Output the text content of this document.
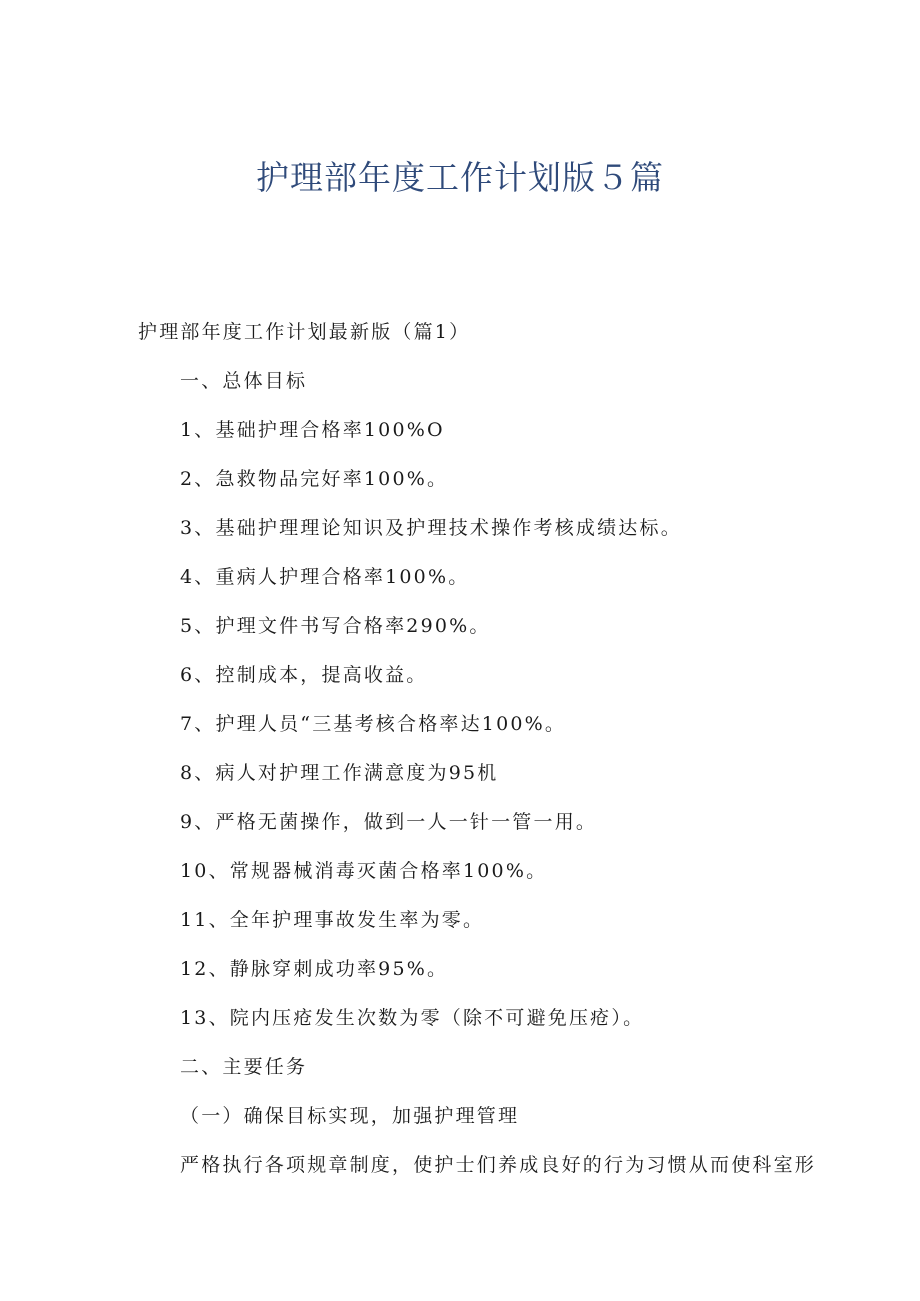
护理部年度工作计划版５篇
护理部年度工作计划最新版（篇1）
一、总体目标
1、基础护理合格率100%O
2、急救物品完好率100%。
3、基础护理理论知识及护理技术操作考核成绩达标。
4、重病人护理合格率100%。
5、护理文件书写合格率290%。
6、控制成本，提高收益。
7、护理人员“三基考核合格率达100%。
8、病人对护理工作满意度为95机
9、严格无菌操作，做到一人一针一管一用。
10、常规器械消毒灭菌合格率100%。
11、全年护理事故发生率为零。
12、静脉穿刺成功率95%。
13、院内压疮发生次数为零（除不可避免压疮）。
二、主要任务
（一）确保目标实现，加强护理管理
严格执行各项规章制度，使护士们养成良好的行为习惯从而使科室形
